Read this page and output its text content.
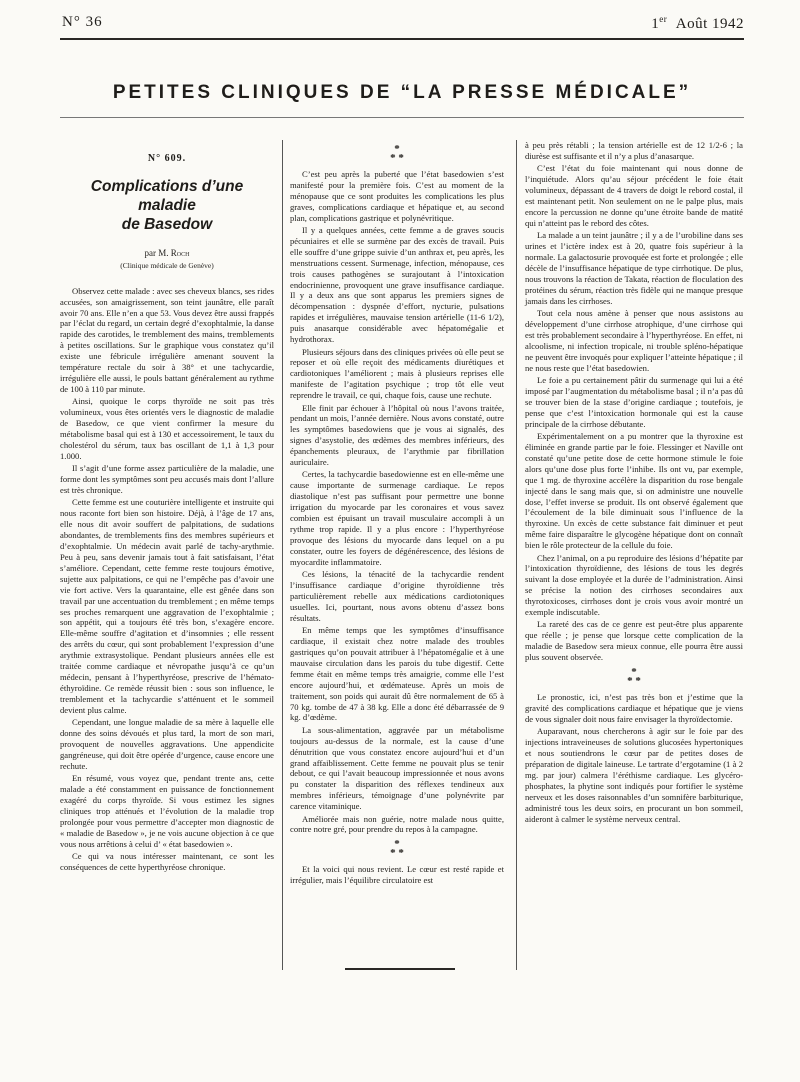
N° 36	1er Août 1942
PETITES CLINIQUES DE “LA PRESSE MÉDICALE”
N° 609.
Complications d’une maladie
de Basedow
par M. Roch
(Clinique médicale de Genève)

Observez cette malade : avec ses cheveux blancs, ses rides accusées, son amaigrissement, son teint jaunâtre, elle paraît avoir 70 ans. Elle n’en a que 53. Vous devez être aussi frappés par l’éclat du regard, un certain degré d’exophtalmie, la danse rapide des carotides, le tremblement des mains, tremblements à petites oscillations. Sur le graphique vous constatez qu’il existe une fébricule irrégulière amenant souvent la température rectale du soir à 38° et une tachycardie, irrégulière elle aussi, le pouls battant généralement au rythme de 100 à 110 par minute.

Ainsi, quoique le corps thyroïde ne soit pas très volumineux, vous êtes orientés vers le diagnostic de maladie de Basedow, ce que vient confirmer la mesure du métabolisme basal qui est à 130 et accessoirement, le taux du cholestérol du sérum, taux bas oscillant de 1,1 à 1,3 pour 1.000.

Il s’agit d’une forme assez particulière de la maladie, une forme dont les symptômes sont peu accusés mais dont l’allure est très chronique.

Cette femme est une couturière intelligente et instruite qui nous raconte fort bien son histoire. Déjà, à l’âge de 17 ans, elle nous dit avoir souffert de palpitations, de sudations abondantes, de tremblements fins des membres supérieurs et d’exophtalmie. Un médecin avait parlé de tachy-arythmie. Peu à peu, sans devenir jamais tout à fait satisfaisant, l’état s’améliore. Cependant, cette femme reste toujours émotive, sujette aux palpitations, ce qui ne l’empêche pas d’avoir une vie fort active. Vers la quarantaine, elle est gênée dans son travail par une accentuation du tremblement ; en même temps ses proches remarquent une aggravation de l’exophtalmie ; son appétit, qui a toujours été très bon, s’exagère encore. Elle-même souffre d’agitation et d’insomnies ; elle ressent des arrêts du cœur, qui sont probablement l’expression d’une arythmie extrasystolique. Pendant plusieurs années elle est traitée comme cardiaque et névropathe jusqu’à ce qu’un médecin, pensant à l’hyperthyréose, prescrive de l’hémato-éthyroïdine. Ce remède réussit bien : sous son influence, le tremblement et la tachycardie s’atténuent et le sommeil devient plus calme.

Cependant, une longue maladie de sa mère à laquelle elle donne des soins dévoués et plus tard, la mort de son mari, provoquent de nouvelles aggravations. Une appendicite gangréneuse, qui doit être opérée d’urgence, cause encore une rechute.

En résumé, vous voyez que, pendant trente ans, cette malade a été constamment en puissance de fonctionnement exagéré du corps thyroïde. Si vous estimez les signes cliniques trop atténués et l’évolution de la maladie trop prolongée pour vous permettre d’accepter mon diagnostic de « maladie de Basedow », je ne vois aucune objection à ce que vous nous arrêtions à celui d’ « état basedowien ».

Ce qui va nous intéresser maintenant, ce sont les conséquences de cette hyperthyréose chronique.

*
* *

C’est peu après la puberté que l’état basedowien s’est manifesté pour la première fois. C’est au moment de la ménopause que ce sont produites les complications les plus graves, complications cardiaque et hépatique et, au second plan, complications gastrique et polynévritique.

Il y a quelques années, cette femme a de graves soucis pécuniaires et elle se surmène par des excès de travail. Puis elle souffre d’une grippe suivie d’un anthrax et, peu après, les menstruations cessent. Surmenage, infection, ménopause, ces trois causes pathogènes se surajoutant à l’intoxication endocrinienne, provoquent une grave insuffisance cardiaque. Il y a deux ans que sont apparus les premiers signes de décompensation : dyspnée d’effort, nycturie, pulsations rapides et irrégulières, mauvaise tension artérielle (11-6 1/2), puis anasarque considérable avec hépatomégalie et hydrothorax.

Plusieurs séjours dans des cliniques privées où elle peut se reposer et où elle reçoit des médicaments diurétiques et cardiotoniques l’améliorent ; mais à plusieurs reprises elle manifeste de l’agitation psychique ; trop tôt elle veut reprendre le travail, ce qui, chaque fois, cause une rechute.

Elle finit par échouer à l’hôpital où nous l’avons traitée, pendant un mois, l’année dernière. Nous avons constaté, outre les symptômes basedowiens que je vous ai signalés, des signes d’asystolie, des œdèmes des membres inférieurs, des épanchements pleuraux, de l’arythmie par fibrillation auriculaire.

Certes, la tachycardie basedowienne est en elle-même une cause importante de surmenage cardiaque. Le repos diastolique n’est pas suffisant pour permettre une bonne irrigation du myocarde par les coronaires et vous savez combien est épuisant un travail musculaire accompli à un rythme trop rapide. Il y a plus encore : l’hyperthyréose provoque des lésions du myocarde dans lequel on a pu constater, outre les foyers de dégénérescence, des lésions de myocardite inflammatoire.

Ces lésions, la ténacité de la tachycardie rendent l’insuffisance cardiaque d’origine thyroïdienne très particulièrement rebelle aux médications cardiotoniques usuelles. Ici, pourtant, nous avons obtenu d’assez bons résultats.

En même temps que les symptômes d’insuffisance cardiaque, il existait chez notre malade des troubles gastriques qu’on pouvait attribuer à l’hépatomégalie et à une mauvaise circulation dans les parois du tube digestif. Cette femme était en même temps très amaigrie, comme elle l’est encore aujourd’hui, et œdémateuse. Après un mois de traitement, son poids qui aurait dû être normalement de 65 à 70 kg. tombe de 47 à 38 kg. Elle a donc été débarrassée de 9 kg. d’œdème.

La sous-alimentation, aggravée par un métabolisme toujours au-dessus de la normale, est la cause d’une dénutrition que vous constatez encore aujourd’hui et d’un grand affaiblissement. Cette femme ne pouvait plus se tenir debout, ce qui l’avait beaucoup impressionnée et nous avons pu constater la disparition des réflexes tendineux aux membres inférieurs, témoignage d’une polynévrite par carence vitaminique.

Améliorée mais non guérie, notre malade nous quitte, contre notre gré, pour prendre du repos à la campagne.

*
* *

Et la voici qui nous revient. Le cœur est resté rapide et irrégulier, mais l’équilibre circulatoire est

à peu près rétabli ; la tension artérielle est de 12 1/2-6 ; la diurèse est suffisante et il n’y a plus d’anasarque.

C’est l’état du foie maintenant qui nous donne de l’inquiétude. Alors qu’au séjour précédent le foie était volumineux, dépassant de 4 travers de doigt le rebord costal, il est maintenant petit. Non seulement on ne le palpe plus, mais encore la percussion ne donne qu’une étroite bande de matité qui n’atteint pas le rebord des côtes.

La malade a un teint jaunâtre ; il y a de l’urobiline dans ses urines et l’ictère index est à 20, quatre fois supérieur à la normale. La galactosurie provoquée est forte et prolongée ; elle décèle de l’insuffisance hépatique de type cirrhotique. De plus, nous trouvons la réaction de Takata, réaction de floculation des protéines du sérum, réaction très fidèle qui ne manque presque jamais dans les cirrhoses.

Tout cela nous amène à penser que nous assistons au développement d’une cirrhose atrophique, d’une cirrhose qui est très probablement secondaire à l’hyperthyréose. En effet, ni alcoolisme, ni infection tropicale, ni trouble spléno-hépatique ne peuvent être invoqués pour expliquer l’atteinte hépatique ; il ne nous reste que l’état basedowien.

Le foie a pu certainement pâtir du surmenage qui lui a été imposé par l’augmentation du métabolisme basal ; il n’a pas dû se trouver bien de la stase d’origine cardiaque ; toutefois, je pense que c’est l’intoxication hormonale qui est la cause principale de la cirrhose débutante.

Expérimentalement on a pu montrer que la thyroxine est éliminée en grande partie par le foie. Flessinger et Naville ont constaté qu’une petite dose de cette hormone stimule le foie alors qu’une dose plus forte l’inhibe. Ils ont vu, par exemple, que 1 mg. de thyroxine accélère la disparition du rose bengale injecté dans le sang mais que, si on administre une nouvelle dose, l’effet inverse se produit. Ils ont observé également que l’écoulement de la bile diminuait sous l’influence de la thyroxine. Un excès de cette substance fait diminuer et peut même faire disparaître le glycogène hépatique dont on connaît bien le rôle protecteur de la cellule du foie.

Chez l’animal, on a pu reproduire des lésions d’hépatite par l’intoxication thyroïdienne, des lésions de tous les degrés suivant la dose employée et la durée de l’administration. Ainsi se précise la notion des cirrhoses secondaires aux thyrotoxicoses, cirrhoses dont je crois vous avoir montré un exemple indiscutable.

La rareté des cas de ce genre est peut-être plus apparente que réelle ; je pense que lorsque cette complication de la maladie de Basedow sera mieux connue, elle pourra être aussi plus souvent observée.

*
* *

Le pronostic, ici, n’est pas très bon et j’estime que la gravité des complications cardiaque et hépatique que je viens de vous signaler doit nous faire envisager la thyroïdectomie.

Auparavant, nous chercherons à agir sur le foie par des injections intraveineuses de solutions glucosées hypertoniques et nous soutiendrons le cœur par de petites doses de préparation de digitale laineuse. Le tartrate d’ergotamine (1 à 2 mg. par jour) calmera l’éréthisme cardiaque. Les glycéro-phosphates, la phytine sont indiqués pour fortifier le système nerveux et les doses raisonnables d’un somnifère barbiturique, administré tous les deux soirs, en procurant un bon sommeil, aideront à calmer le système nerveux central.
